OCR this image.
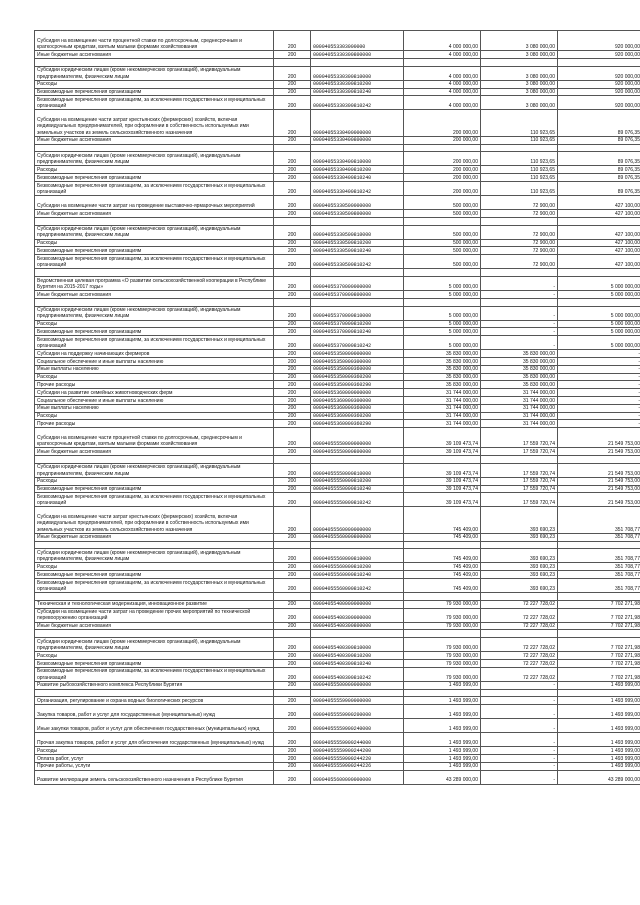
Субсидия на возмещение части процентной ставки по долгосрочным, среднесрочным и краткосрочным кредитам, взятым малыми формами хозяйствования	200	000040553303000000	4 000 000,00	3 080 000,00	920 000,00
Иные бюджетные ассигнования	200	00004055330300800000	4 000 000,00	3 080 000,00	920 000,00

Субсидии юридическим лицам (кроме некоммерческих организаций), индивидуальным предпринимателям, физическим лицам	200	00004055330300810000	4 000 000,00	3 080 000,00	920 000,00
Расходы	200	00004055330300810200	4 000 000,00	3 080 000,00	920 000,00
Безвозмездные перечисления организациям	200	00004055330300810240	4 000 000,00	3 080 000,00	920 000,00
Безвозмездные перечисления организациям, за исключением государственных и муниципальных организаций	200	00004055330300810242	4 000 000,00	3 080 000,00	920 000,00
Субсидии на возмещение части затрат крестьянских (фермерских) хозяйств, включая индивидуальных предпринимателей, при оформлении в собственность используемых ими земельных участков из земель сельскохозяйственного назначения	200	00004055330400000000	200 000,00	110 923,65	89 076,35
Иные бюджетные ассигнования	200	00004055330400800000	200 000,00	110 923,65	89 076,35

Субсидии юридическим лицам (кроме некоммерческих организаций), индивидуальным предпринимателям, физическим лицам	200	00004055330400810000	200 000,00	110 923,65	89 076,35
Расходы	200	00004055330400810200	200 000,00	110 923,65	89 076,35
Безвозмездные перечисления организациям	200	00004055330400810240	200 000,00	110 923,65	89 076,35
Безвозмездные перечисления организациям, за исключением государственных и муниципальных организаций	200	00004055330400810242	200 000,00	110 923,65	89 076,35
Субсидии на возмещение части затрат на проведение выставочно-ярмарочных мероприятий	200	00004055330500000000	500 000,00	72 900,00	427 100,00
Иные бюджетные ассигнования	200	00004055330500800000	500 000,00	72 900,00	427 100,00

Субсидии юридическим лицам (кроме некоммерческих организаций), индивидуальным предпринимателям, физическим лицам	200	00004055330500810000	500 000,00	72 900,00	427 100,00
Расходы	200	00004055330500810200	500 000,00	72 900,00	427 100,00
Безвозмездные перечисления организациям	200	00004055330500810240	500 000,00	72 900,00	427 100,00
Безвозмездные перечисления организациям, за исключением государственных и муниципальных организаций	200	00004055330500810242	500 000,00	72 900,00	427 100,00

Ведомственная целевая программа «О развитии сельскохозяйственной кооперации в Республике Бурятия на 2015-2017 годы»	200	00004055370000000000	5 000 000,00	-	5 000 000,00
Иные бюджетные ассигнования	200	00004055370000800000	5 000 000,00	-	5 000 000,00

Субсидии юридическим лицам (кроме некоммерческих организаций), индивидуальным предпринимателям, физическим лицам	200	00004055370000810000	5 000 000,00	-	5 000 000,00
Расходы	200	00004055370000810200	5 000 000,00	-	5 000 000,00
Безвозмездные перечисления организациям	200	00004055370000810240	5 000 000,00	-	5 000 000,00
Безвозмездные перечисления организациям, за исключением государственных и муниципальных организаций	200	00004055370000810242	5 000 000,00	-	5 000 000,00
Субсидии на поддержку начинающих фермеров	200	00004055350000000000	35 830 000,00	35 830 000,00	-
Социальное обеспечение и иные выплаты населению	200	00004055350000300000	35 830 000,00	35 830 000,00	-
Иные выплаты населению	200	00004055350000360000	35 830 000,00	35 830 000,00	-
Расходы	200	00004055350000360200	35 830 000,00	35 830 000,00	-
Прочие расходы	200	00004055350000360290	35 830 000,00	35 830 000,00	-
Субсидии на развитие семейных животноводческих ферм	200	00004055360000000000	31 744 000,00	31 744 000,00	-
Социальное обеспечение и иные выплаты населению	200	00004055360000300000	31 744 000,00	31 744 000,00	-
Иные выплаты населению	200	00004055360000360000	31 744 000,00	31 744 000,00	-
Расходы	200	00004055360000360200	31 744 000,00	31 744 000,00	-
Прочие расходы	200	00004055360000360290	31 744 000,00	31 744 000,00	-
Субсидии на возмещение части процентной ставки по долгосрочным, среднесрочным и краткосрочным кредитам, взятым малыми формами хозяйствования	200	00004055550000000000	39 109 473,74	17 559 720,74	21 549 753,00
Иные бюджетные ассигнования	200	00004055550000800000	39 109 473,74	17 559 720,74	21 549 753,00

Субсидии юридическим лицам (кроме некоммерческих организаций), индивидуальным предпринимателям, физическим лицам	200	00004055550000810000	39 109 473,74	17 559 720,74	21 549 753,00
Расходы	200	00004055550000810200	39 109 473,74	17 559 720,74	21 549 753,00
Безвозмездные перечисления организациям	200	00004055550000810240	39 109 473,74	17 559 720,74	21 549 753,00
Безвозмездные перечисления организациям, за исключением государственных и муниципальных организаций	200	00004055550000810242	39 109 473,74	17 559 720,74	21 549 753,00
Субсидии на возмещение части затрат крестьянских (фермерских) хозяйств, включая индивидуальных предпринимателей, при оформлении в собственность используемых ими земельных участков из земель сельскохозяйственного назначения	200	00004055560000000000	745 409,00	393 690,23	351 708,77
Иные бюджетные ассигнования	200	00004055560000800000	745 409,00	393 690,23	351 708,77

Субсидии юридическим лицам (кроме некоммерческих организаций), индивидуальным предпринимателям, физическим лицам	200	00004055560000810000	745 409,00	393 690,23	351 708,77
Расходы	200	00004055560000810200	745 409,00	393 690,23	351 708,77
Безвозмездные перечисления организациям	200	00004055560000810240	745 409,00	393 690,23	351 708,77
Безвозмездные перечисления организациям, за исключением государственных и муниципальных организаций	200	00004055560000810242	745 409,00	393 690,23	351 708,77

Техническая и технологическая модернизация, инновационное развитие	200	00004055400000000000	79 930 000,00	72 227 728,02	7 702 271,98
Субсидии на возмещение части затрат на проведение прочих мероприятий по технической перевооружению организаций	200	00004055400300000000	79 930 000,00	72 227 728,02	7 702 271,98
Иные бюджетные ассигнования	200	00004055400300800000	79 930 000,00	72 227 728,02	7 702 271,98

Субсидии юридическим лицам (кроме некоммерческих организаций), индивидуальным предпринимателям, физическим лицам	200	00004055400300810000	79 930 000,00	72 227 728,02	7 702 271,98
Расходы	200	00004055400300810200	79 930 000,00	72 227 728,02	7 702 271,98
Безвозмездные перечисления организациям	200	00004055400300810240	79 930 000,00	72 227 728,02	7 702 271,98
Безвозмездные перечисления организациям, за исключением государственных и муниципальных организаций	200	00004055400300810242	79 930 000,00	72 227 728,02	7 702 271,98
Развитие рыбохозяйственного комплекса Республики Бурятия	200	00004055500000000000	1 493 999,00	-	1 493 999,00

Организация, регулирование и охрана водных биологических ресурсов	200	00004055559900000000	1 493 999,00	-	1 493 999,00
Закупка товаров, работ и услуг для государственных (муниципальных) нужд	200	00004055559900200000	1 493 999,00	-	1 493 999,00
Иные закупки товаров, работ и услуг для обеспечения государственных (муниципальных) нужд	200	00004055559900240000	1 493 999,00	-	1 493 999,00
Прочая закупка товаров, работ и услуг для обеспечения государственных (муниципальных) нужд	200	00004055559900244000	1 493 999,00	-	1 493 999,00
Расходы	200	00004055559900244200	1 493 999,00	-	1 493 999,00
Оплата работ, услуг	200	00004055559900244220	1 493 999,00	-	1 493 999,00
Прочие работы, услуги	200	00004055559900244226	1 493 999,00	-	1 493 999,00
Развитие мелиорации земель сельскохозяйственного назначения в Республике Бурятия	200	00004055600000000000	43 289 000,00	-	43 289 000,00
